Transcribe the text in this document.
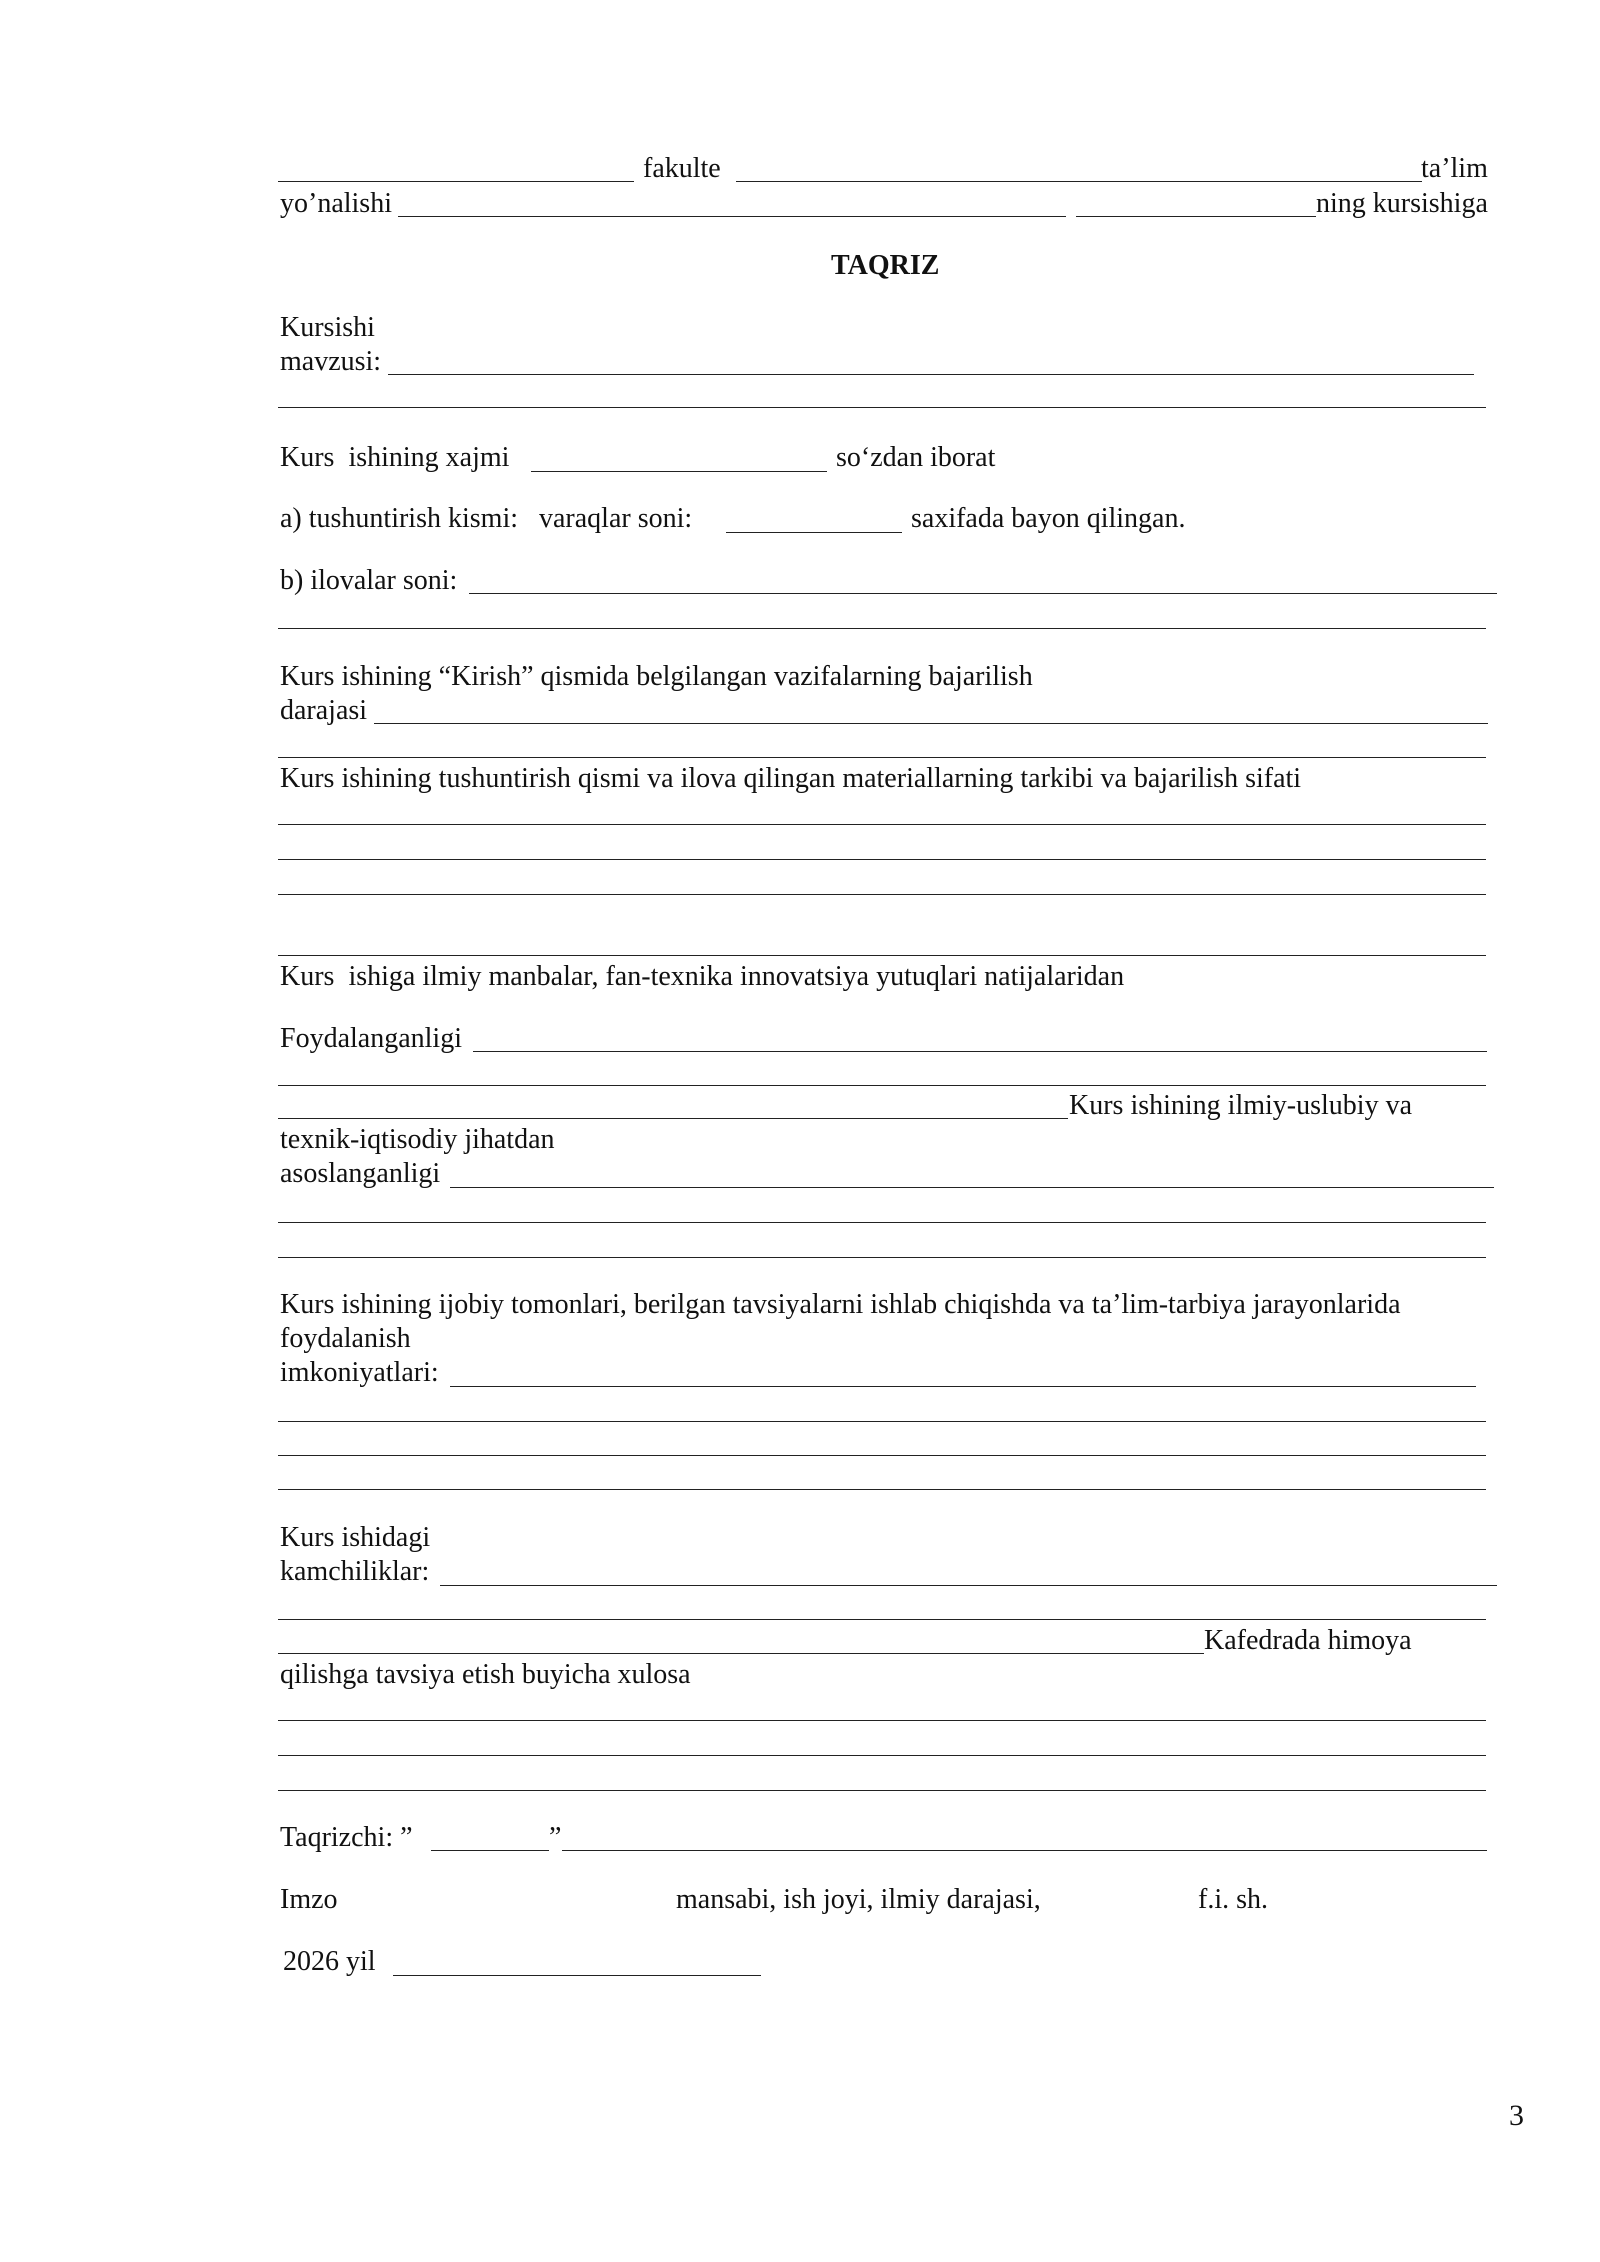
fakulte	ta’lim
yo’nalishi	ning kursishiga
TAQRIZ
Kursishi
mavzusi:
Kurs  ishining xajmi	so‘zdan iborat
a) tushuntirish kismi:   varaqlar soni:	saxifada bayon qilingan.
b) ilovalar soni:
Kurs ishining “Kirish” qismida belgilangan vazifalarning bajarilish
darajasi
Kurs ishining tushuntirish qismi va ilova qilingan materiallarning tarkibi va bajarilish sifati
Kurs  ishiga ilmiy manbalar, fan-texnika innovatsiya yutuqlari natijalaridan
Foydalanganligi
Kurs ishining ilmiy-uslubiy va
texnik-iqtisodiy jihatdan
asoslanganligi
Kurs ishining ijobiy tomonlari, berilgan tavsiyalarni ishlab chiqishda va ta’lim-tarbiya jarayonlarida
foydalanish
imkoniyatlari:
Kurs ishidagi
kamchiliklar:
Kafedrada himoya
qilishga tavsiya etish buyicha xulosa
Taqrizchi: ”	”
Imzo	mansabi, ish joyi, ilmiy darajasi,	f.i. sh.
2026 yil
3
